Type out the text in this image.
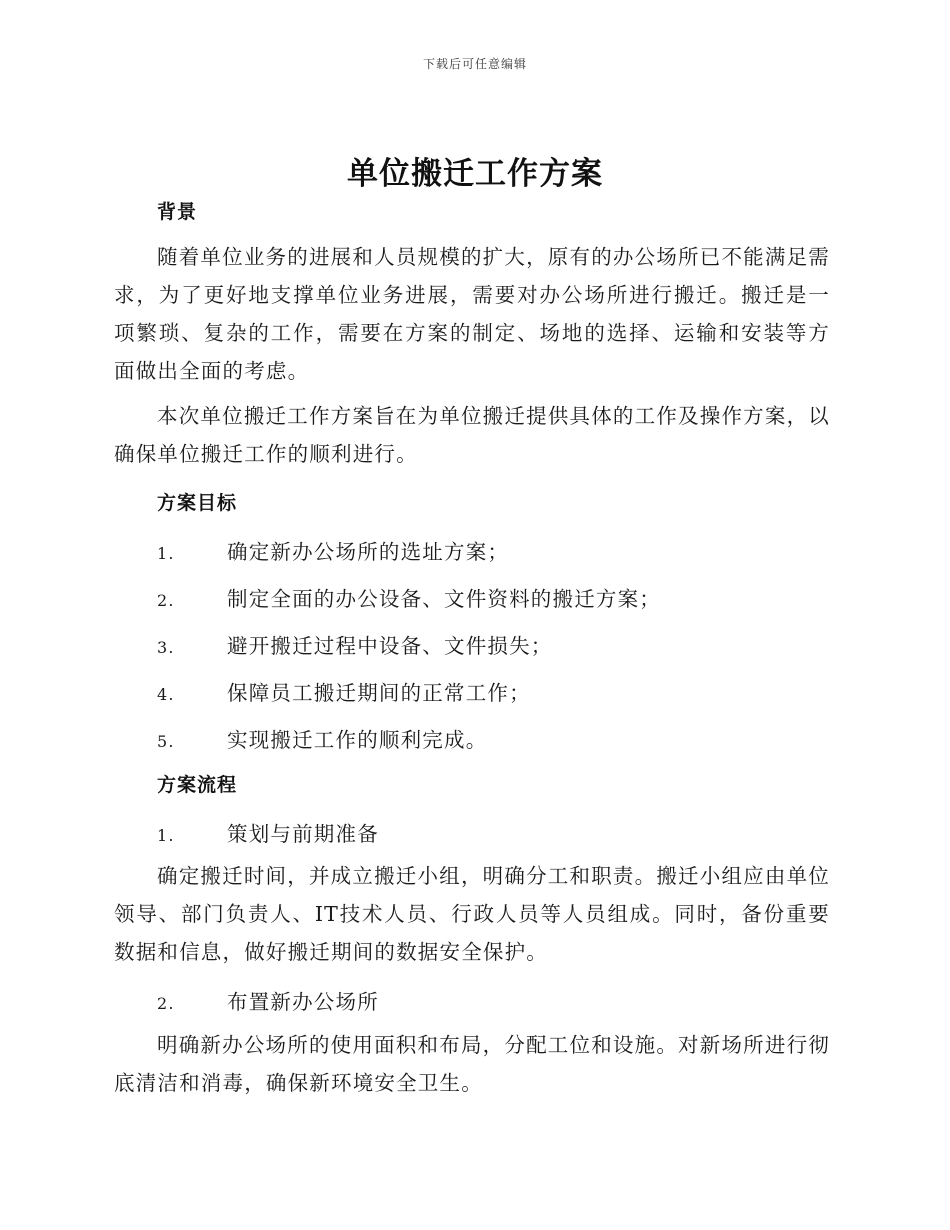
下载后可任意编辑
单位搬迁工作方案
背景

随着单位业务的进展和人员规模的扩大，原有的办公场所已不能满足需求，为了更好地支撑单位业务进展，需要对办公场所进行搬迁。搬迁是一项繁琐、复杂的工作，需要在方案的制定、场地的选择、运输和安装等方面做出全面的考虑。

本次单位搬迁工作方案旨在为单位搬迁提供具体的工作及操作方案，以确保单位搬迁工作的顺利进行。

方案目标
1.	确定新办公场所的选址方案；
2.	制定全面的办公设备、文件资料的搬迁方案；
3.	避开搬迁过程中设备、文件损失；
4.	保障员工搬迁期间的正常工作；
5.	实现搬迁工作的顺利完成。
方案流程
1.	策划与前期准备

确定搬迁时间，并成立搬迁小组，明确分工和职责。搬迁小组应由单位领导、部门负责人、IT技术人员、行政人员等人员组成。同时，备份重要数据和信息，做好搬迁期间的数据安全保护。

2.	布置新办公场所

明确新办公场所的使用面积和布局，分配工位和设施。对新场所进行彻底清洁和消毒，确保新环境安全卫生。
